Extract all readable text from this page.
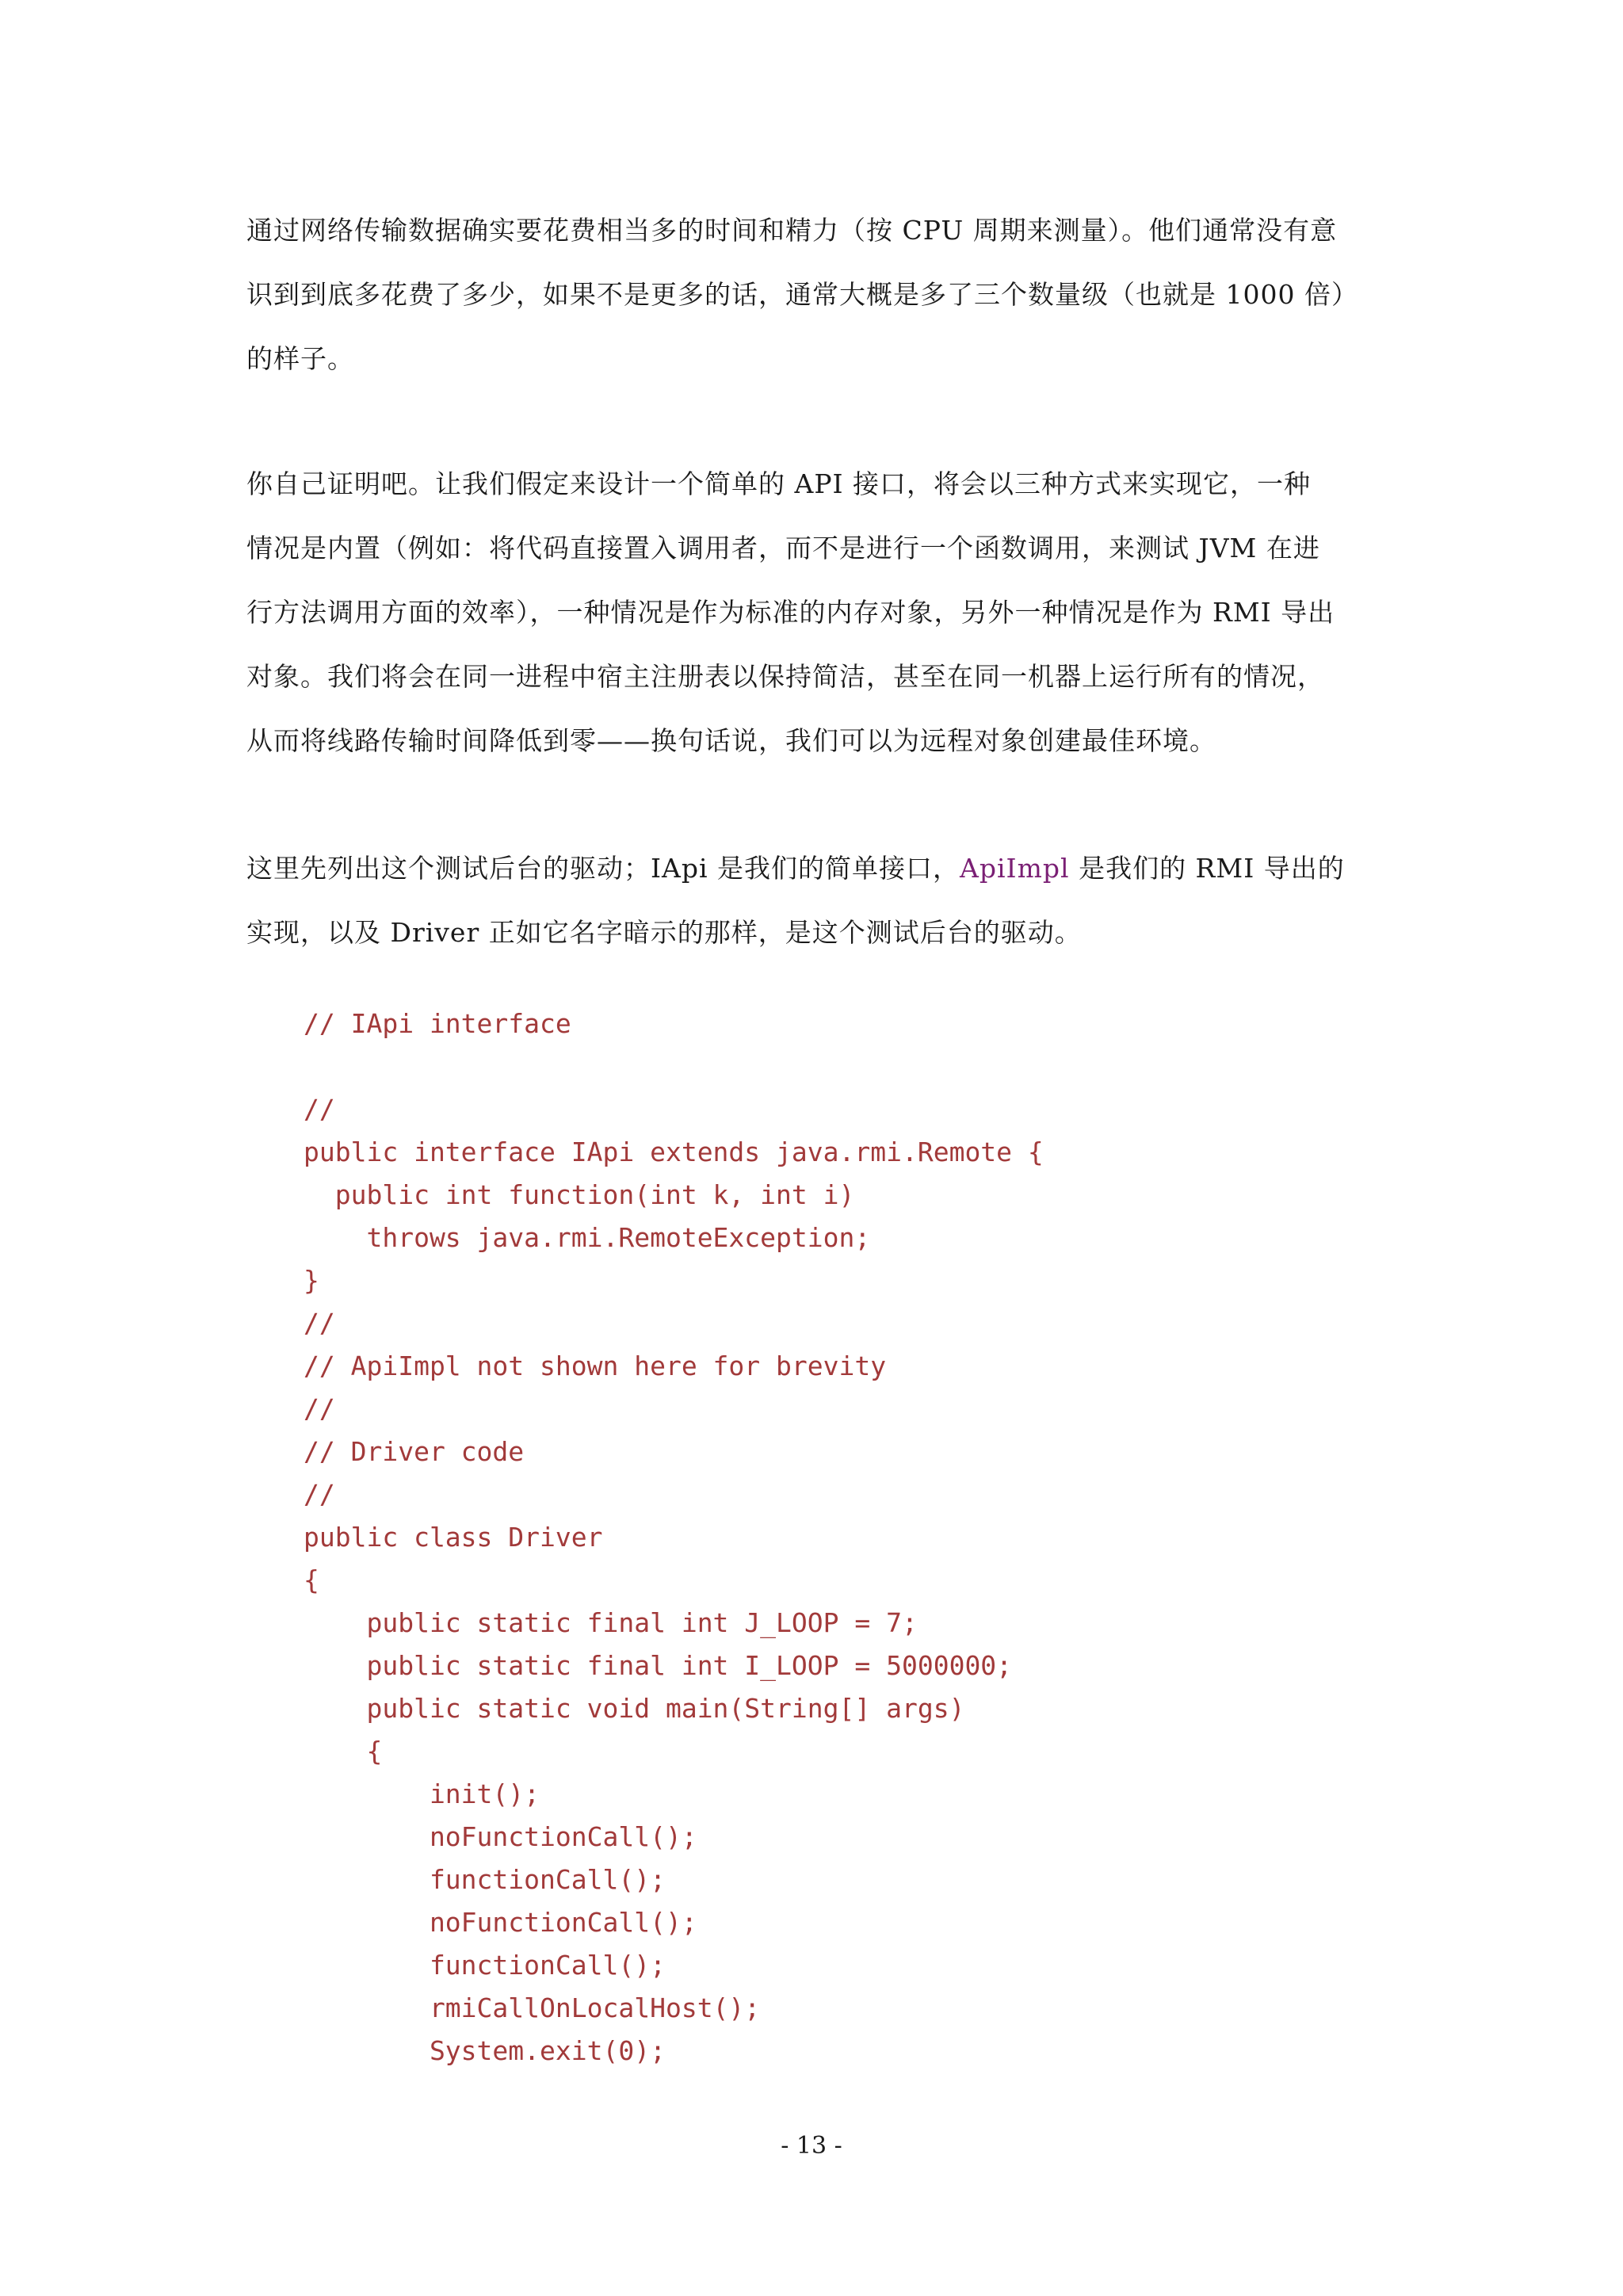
通过网络传输数据确实要花费相当多的时间和精力（按 CPU 周期来测量）。他们通常没有意

识到到底多花费了多少，如果不是更多的话，通常大概是多了三个数量级（也就是 1000 倍）

的样子。

你自己证明吧。让我们假定来设计一个简单的 API 接口，将会以三种方式来实现它，一种

情况是内置（例如：将代码直接置入调用者，而不是进行一个函数调用，来测试 JVM 在进

行方法调用方面的效率），一种情况是作为标准的内存对象，另外一种情况是作为 RMI 导出

对象。我们将会在同一进程中宿主注册表以保持简洁，甚至在同一机器上运行所有的情况，

从而将线路传输时间降低到零——换句话说，我们可以为远程对象创建最佳环境。

这里先列出这个测试后台的驱动；IApi 是我们的简单接口，ApiImpl 是我们的 RMI 导出的

实现，以及 Driver 正如它名字暗示的那样，是这个测试后台的驱动。

// IApi interface
//
public interface IApi extends java.rmi.Remote {
public int function(int k, int i)
throws java.rmi.RemoteException;
}
//
// ApiImpl not shown here for brevity
//
// Driver code
//
public class Driver
{
public static final int J_LOOP = 7;
public static final int I_LOOP = 5000000;
public static void main(String[] args)
{
init();
noFunctionCall();
functionCall();
noFunctionCall();
functionCall();
rmiCallOnLocalHost();
System.exit(0);
- 13 -
